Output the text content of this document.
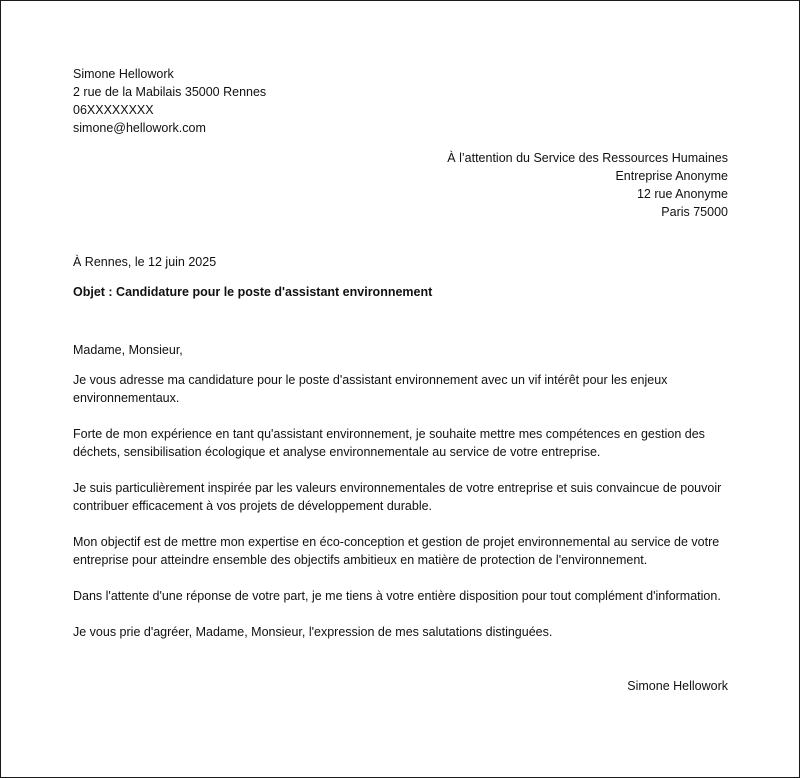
Simone Hellowork
2 rue de la Mabilais 35000 Rennes
06XXXXXXXX
simone@hellowork.com
À l’attention du Service des Ressources Humaines
Entreprise Anonyme
12 rue Anonyme
Paris 75000
À Rennes, le 12 juin 2025
Objet : Candidature pour le poste d'assistant environnement
Madame, Monsieur,
Je vous adresse ma candidature pour le poste d'assistant environnement avec un vif intérêt pour les enjeux environnementaux.
Forte de mon expérience en tant qu'assistant environnement, je souhaite mettre mes compétences en gestion des déchets, sensibilisation écologique et analyse environnementale au service de votre entreprise.
Je suis particulièrement inspirée par les valeurs environnementales de votre entreprise et suis convaincue de pouvoir contribuer efficacement à vos projets de développement durable.
Mon objectif est de mettre mon expertise en éco-conception et gestion de projet environnemental au service de votre entreprise pour atteindre ensemble des objectifs ambitieux en matière de protection de l'environnement.
Dans l'attente d'une réponse de votre part, je me tiens à votre entière disposition pour tout complément d'information.
Je vous prie d'agréer, Madame, Monsieur, l'expression de mes salutations distinguées.
Simone Hellowork
